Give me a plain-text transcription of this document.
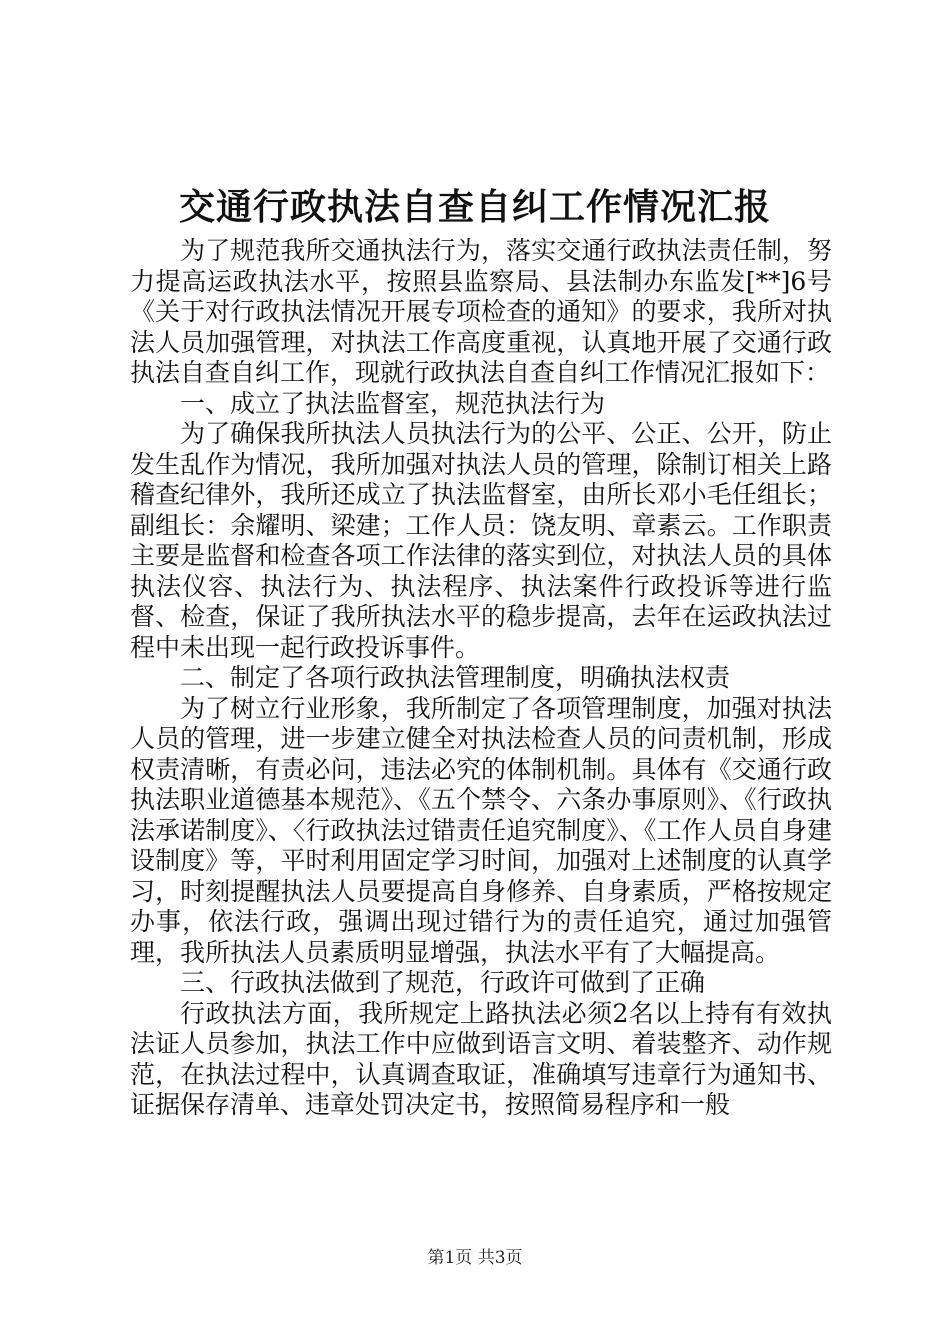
交通行政执法自查自纠工作情况汇报

为了规范我所交通执法行为，落实交通行政执法责任制，努力提高运政执法水平，按照县监察局、县法制办东监发[**]6号《关于对行政执法情况开展专项检查的通知》的要求，我所对执法人员加强管理，对执法工作高度重视，认真地开展了交通行政执法自查自纠工作，现就行政执法自查自纠工作情况汇报如下：

一、成立了执法监督室，规范执法行为

为了确保我所执法人员执法行为的公平、公正、公开，防止发生乱作为情况，我所加强对执法人员的管理，除制订相关上路稽查纪律外，我所还成立了执法监督室，由所长邓小毛任组长；副组长：余耀明、梁建；工作人员：饶友明、章素云。工作职责主要是监督和检查各项工作法律的落实到位，对执法人员的具体执法仪容、执法行为、执法程序、执法案件行政投诉等进行监督、检查，保证了我所执法水平的稳步提高，去年在运政执法过程中未出现一起行政投诉事件。

二、制定了各项行政执法管理制度，明确执法权责

为了树立行业形象，我所制定了各项管理制度，加强对执法人员的管理，进一步建立健全对执法检查人员的问责机制，形成权责清晰，有责必问，违法必究的体制机制。具体有《交通行政执法职业道德基本规范》、《五个禁令、六条办事原则》、《行政执法承诺制度》、〈行政执法过错责任追究制度》、《工作人员自身建设制度》等，平时利用固定学习时间，加强对上述制度的认真学习，时刻提醒执法人员要提高自身修养、自身素质，严格按规定办事，依法行政，强调出现过错行为的责任追究，通过加强管理，我所执法人员素质明显增强，执法水平有了大幅提高。

三、行政执法做到了规范，行政许可做到了正确

行政执法方面，我所规定上路执法必须2名以上持有有效执法证人员参加，执法工作中应做到语言文明、着装整齐、动作规范，在执法过程中，认真调查取证，准确填写违章行为通知书、证据保存清单、违章处罚决定书，按照简易程序和一般

第1页 共3页
